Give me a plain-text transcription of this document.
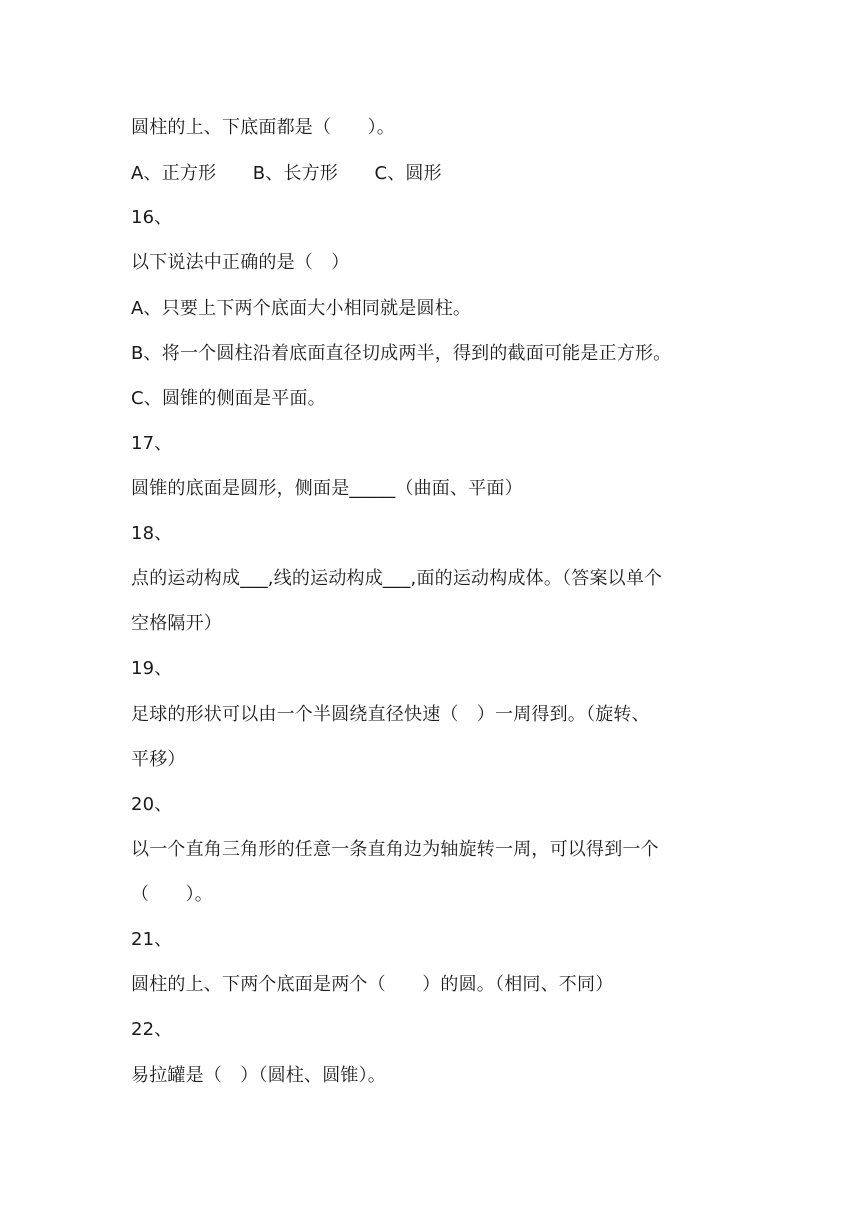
圆柱的上、下底面都是（　　）。
A、正方形　　B、长方形　　C、圆形
16、
以下说法中正确的是（　）
A、只要上下两个底面大小相同就是圆柱。
B、将一个圆柱沿着底面直径切成两半，得到的截面可能是正方形。
C、圆锥的侧面是平面。
17、
圆锥的底面是圆形，侧面是_____（曲面、平面）
18、
点的运动构成___,线的运动构成___,面的运动构成体。（答案以单个
空格隔开）
19、
足球的形状可以由一个半圆绕直径快速（　）一周得到。（旋转、
平移）
20、
以一个直角三角形的任意一条直角边为轴旋转一周，可以得到一个
（　　）。
21、
圆柱的上、下两个底面是两个（　　）的圆。（相同、不同）
22、
易拉罐是（　）（圆柱、圆锥）。
